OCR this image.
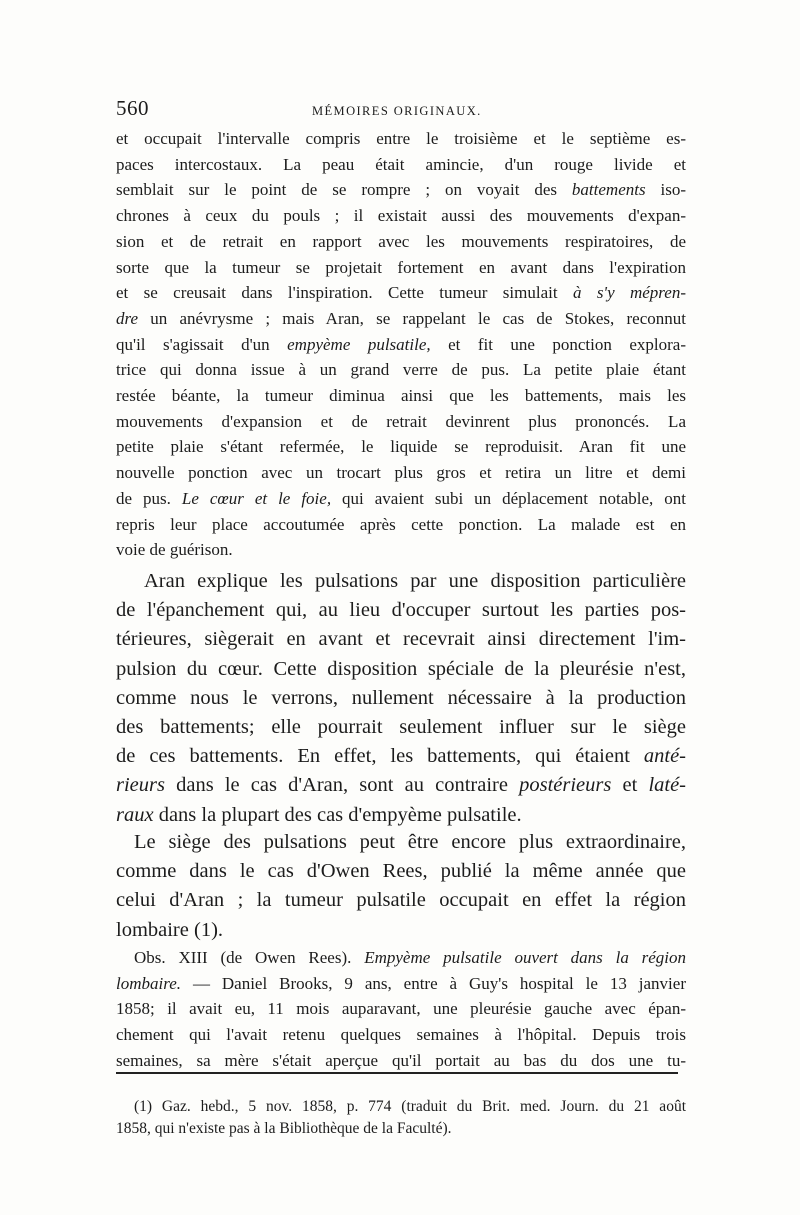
560	MÉMOIRES ORIGINAUX.
et occupait l'intervalle compris entre le troisième et le septième es-
paces intercostaux. La peau était amincie, d'un rouge livide et
semblait sur le point de se rompre ; on voyait des battements iso-
chrones à ceux du pouls ; il existait aussi des mouvements d'expan-
sion et de retrait en rapport avec les mouvements respiratoires, de
sorte que la tumeur se projetait fortement en avant dans l'expiration
et se creusait dans l'inspiration. Cette tumeur simulait à s'y mépren-
dre un anévrysme ; mais Aran, se rappelant le cas de Stokes, reconnut
qu'il s'agissait d'un empyème pulsatile, et fit une ponction explora-
trice qui donna issue à un grand verre de pus. La petite plaie étant
restée béante, la tumeur diminua ainsi que les battements, mais les
mouvements d'expansion et de retrait devinrent plus prononcés. La
petite plaie s'étant refermée, le liquide se reproduisit. Aran fit une
nouvelle ponction avec un trocart plus gros et retira un litre et demi
de pus. Le cœur et le foie, qui avaient subi un déplacement notable, ont
repris leur place accoutumée après cette ponction. La malade est en
voie de guérison.
Aran explique les pulsations par une disposition particulière
de l'épanchement qui, au lieu d'occuper surtout les parties pos-
térieures, siègerait en avant et recevrait ainsi directement l'im-
pulsion du cœur. Cette disposition spéciale de la pleurésie n'est,
comme nous le verrons, nullement nécessaire à la production
des battements; elle pourrait seulement influer sur le siège
de ces battements. En effet, les battements, qui étaient anté-
rieurs dans le cas d'Aran, sont au contraire postérieurs et laté-
raux dans la plupart des cas d'empyème pulsatile.
Le siège des pulsations peut être encore plus extraordinaire,
comme dans le cas d'Owen Rees, publié la même année que
celui d'Aran ; la tumeur pulsatile occupait en effet la région
lombaire (1).
Obs. XIII (de Owen Rees). Empyème pulsatile ouvert dans la région
lombaire. — Daniel Brooks, 9 ans, entre à Guy's hospital le 13 janvier
1858; il avait eu, 11 mois auparavant, une pleurésie gauche avec épan-
chement qui l'avait retenu quelques semaines à l'hôpital. Depuis trois
semaines, sa mère s'était aperçue qu'il portait au bas du dos une tu-
(1) Gaz. hebd., 5 nov. 1858, p. 774 (traduit du Brit. med. Journ. du 21 août
1858, qui n'existe pas à la Bibliothèque de la Faculté).
